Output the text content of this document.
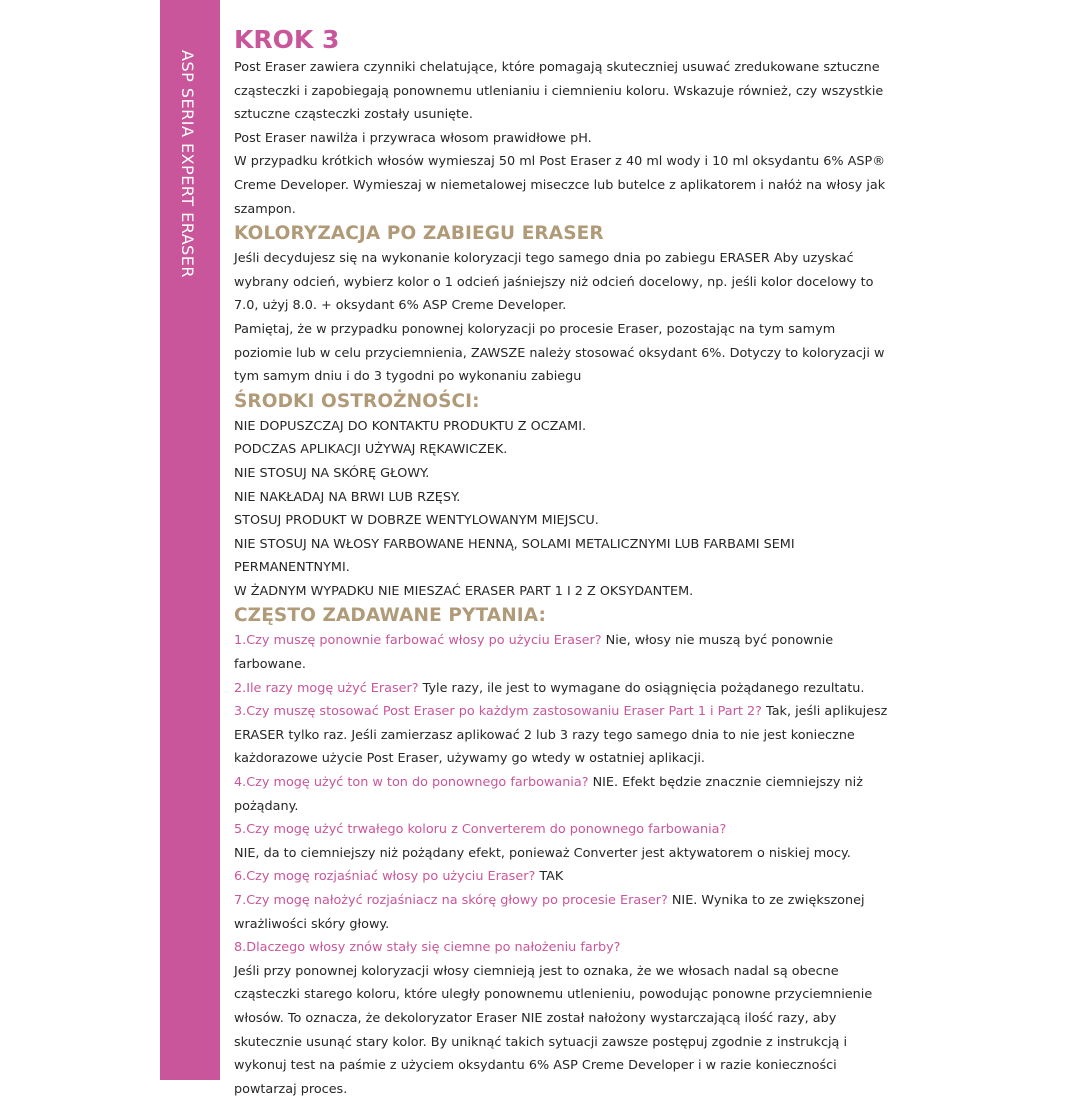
ASP SERIA EXPERT ERASER
KROK 3

Post Eraser zawiera czynniki chelatujące, które pomagają skuteczniej usuwać zredukowane sztuczne cząsteczki i zapobiegają ponownemu utlenianiu i ciemnieniu koloru. Wskazuje również, czy wszystkie sztuczne cząsteczki zostały usunięte.

Post Eraser nawilża i przywraca włosom prawidłowe pH.

W przypadku krótkich włosów wymieszaj 50 ml Post Eraser z 40 ml wody i 10 ml oksydantu 6% ASP® Creme Developer. Wymieszaj w niemetalowej miseczce lub butelce z aplikatorem i nałóż na włosy jak szampon.

KOLORYZACJA PO ZABIEGU ERASER

Jeśli decydujesz się na wykonanie koloryzacji tego samego dnia po zabiegu ERASER Aby uzyskać wybrany odcień, wybierz kolor o 1 odcień jaśniejszy niż odcień docelowy, np. jeśli kolor docelowy to 7.0, użyj 8.0. + oksydant 6% ASP Creme Developer.

Pamiętaj, że w przypadku ponownej koloryzacji po procesie Eraser, pozostając na tym samym poziomie lub w celu przyciemnienia, ZAWSZE należy stosować oksydant 6%. Dotyczy to koloryzacji w tym samym dniu i do 3 tygodni po wykonaniu zabiegu

ŚRODKI OSTROŻNOŚCI:

NIE DOPUSZCZAJ DO KONTAKTU PRODUKTU Z OCZAMI.

PODCZAS APLIKACJI UŻYWAJ RĘKAWICZEK.

NIE STOSUJ NA SKÓRĘ GŁOWY.

NIE NAKŁADAJ NA BRWI LUB RZĘSY.

STOSUJ PRODUKT W DOBRZE WENTYLOWANYM MIEJSCU.

NIE STOSUJ NA WŁOSY FARBOWANE HENNĄ, SOLAMI METALICZNYMI LUB FARBAMI SEMI PERMANENTNYMI.

W ŻADNYM WYPADKU NIE MIESZAĆ ERASER PART 1 I 2 Z OKSYDANTEM.

CZĘSTO ZADAWANE PYTANIA:

1.Czy muszę ponownie farbować włosy po użyciu Eraser? Nie, włosy nie muszą być ponownie farbowane.

2.Ile razy mogę użyć Eraser? Tyle razy, ile jest to wymagane do osiągnięcia pożądanego rezultatu.

3.Czy muszę stosować Post Eraser po każdym zastosowaniu Eraser Part 1 i Part 2? Tak, jeśli aplikujesz ERASER tylko raz. Jeśli zamierzasz aplikować 2 lub 3 razy tego samego dnia to nie jest konieczne każdorazowe użycie Post Eraser, używamy go wtedy w ostatniej aplikacji.

4.Czy mogę użyć ton w ton do ponownego farbowania? NIE. Efekt będzie znacznie ciemniejszy niż pożądany.

5.Czy mogę użyć trwałego koloru z Converterem do ponownego farbowania?

NIE, da to ciemniejszy niż pożądany efekt, ponieważ Converter jest aktywatorem o niskiej mocy.

6.Czy mogę rozjaśniać włosy po użyciu Eraser? TAK

7.Czy mogę nałożyć rozjaśniacz na skórę głowy po procesie Eraser? NIE. Wynika to ze zwiększonej wrażliwości skóry głowy.

8.Dlaczego włosy znów stały się ciemne po nałożeniu farby?

Jeśli przy ponownej koloryzacji włosy ciemnieją jest to oznaka, że we włosach nadal są obecne cząsteczki starego koloru, które uległy ponownemu utlenieniu, powodując ponowne przyciemnienie włosów. To oznacza, że dekoloryzator Eraser NIE został nałożony wystarczającą ilość razy, aby skutecznie usunąć stary kolor. By uniknąć takich sytuacji zawsze postępuj zgodnie z instrukcją i wykonuj test na paśmie z użyciem oksydantu 6% ASP Creme Developer i w razie konieczności powtarzaj proces.
